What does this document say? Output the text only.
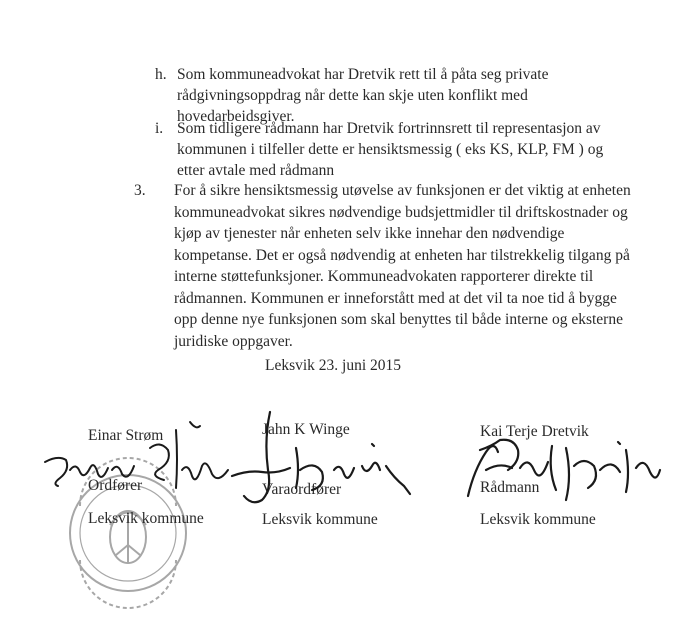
h. Som kommuneadvokat har Dretvik rett til å påta seg private rådgivningsoppdrag når dette kan skje uten konflikt med hovedarbeidsgiver.
i. Som tidligere rådmann har Dretvik fortrinnsrett til representasjon av kommunen i tilfeller dette er hensiktsmessig ( eks KS, KLP, FM ) og etter avtale med rådmann
3.	For å sikre hensiktsmessig utøvelse av funksjonen er det viktig at enheten kommuneadvokat sikres nødvendige budsjettmidler til driftskostnader og kjøp av tjenester når enheten selv ikke innehar den nødvendige kompetanse. Det er også nødvendig at enheten har tilstrekkelig tilgang på interne støttefunksjoner. Kommuneadvokaten rapporterer direkte til rådmannen. Kommunen er inneforstått med at det vil ta noe tid å bygge opp denne nye funksjonen som skal benyttes til både interne og eksterne juridiske oppgaver.
Leksvik 23. juni 2015
Einar Strøm
Ordfører
Leksvik kommune
Jahn K Winge
Varaordfører
Leksvik kommune
Kai Terje Dretvik
Rådmann
Leksvik kommune
